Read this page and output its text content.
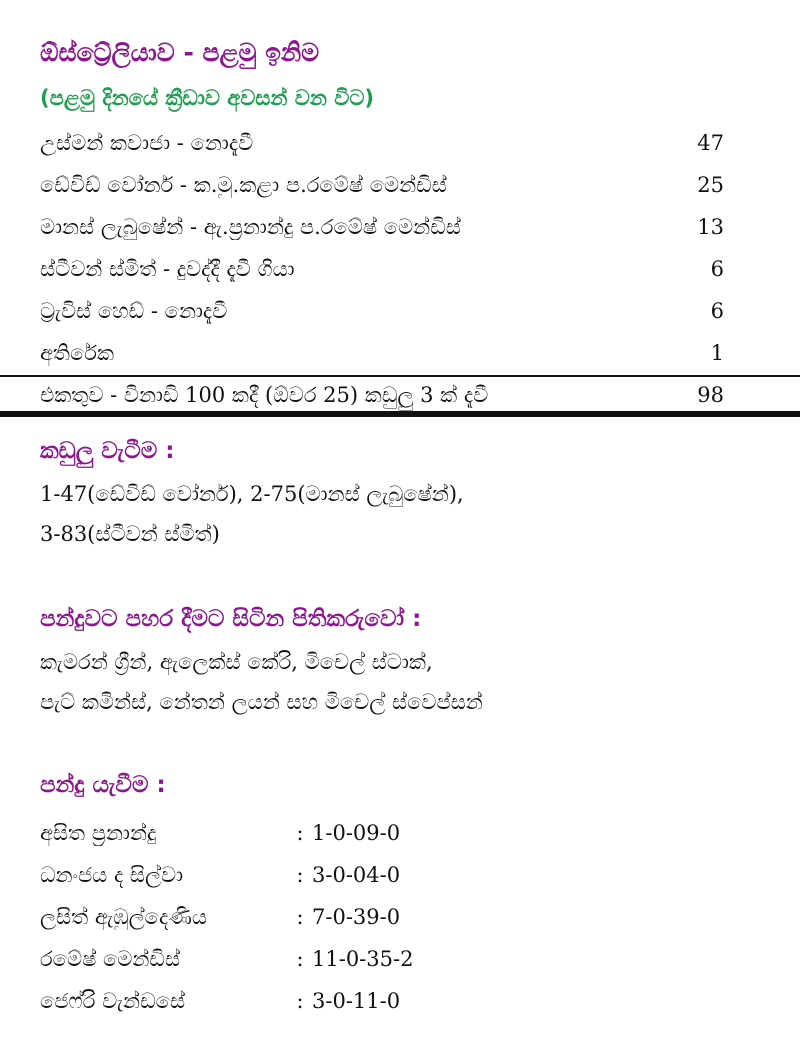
ඕස්ට්‍රේලියාව - පළමු ඉනිම
(පළමු දිනයේ ක්‍රීඩාව අවසන් වන විට)
උස්මන් කවාජා - නොදැවී	47
ඩේවිඩ් වෝනර් - ක.මු.කළා ප.රමේෂ් මෙන්ඩිස්	25
මානස් ලැබුෂේන් - ඇ.ප්‍රනාන්දු ප.රමේෂ් මෙන්ඩිස්	13
ස්ටීවන් ස්මිත් - දුවද්දී දැවී ගියා	6
ට්‍රැවිස් හෙඩ් - නොදැවී	6
අතිරේක	1
එකතුව - විනාඩි 100 කදී (ඕවර 25) කඩුලු 3 ක් දැවී	98
කඩුලු වැටීම :
1-47(ඩේවිඩ් වෝනර්), 2-75(මානස් ලැබුෂේන්),
3-83(ස්ටීවන් ස්මිත්)
පන්දුවට පහර දීමට සිටින පිතිකරුවෝ :
කැමරන් ග්‍රීන්, ඇලෙක්ස් කේරි, මිචෙල් ස්ටාක්,
පැට් කමින්ස්, නේතන් ලයන් සහ මිචෙල් ස්වෙප්සන්
පන්දු යැවීම :
අසිත ප්‍රනාන්දු	: 1-0-09-0
ධනංජය ද සිල්වා	: 3-0-04-0
ලසිත් ඇඹුල්දෙණිය	: 7-0-39-0
රමේෂ් මෙන්ඩිස්	: 11-0-35-2
ජෙෆ්රි වැන්ඩසේ	: 3-0-11-0
